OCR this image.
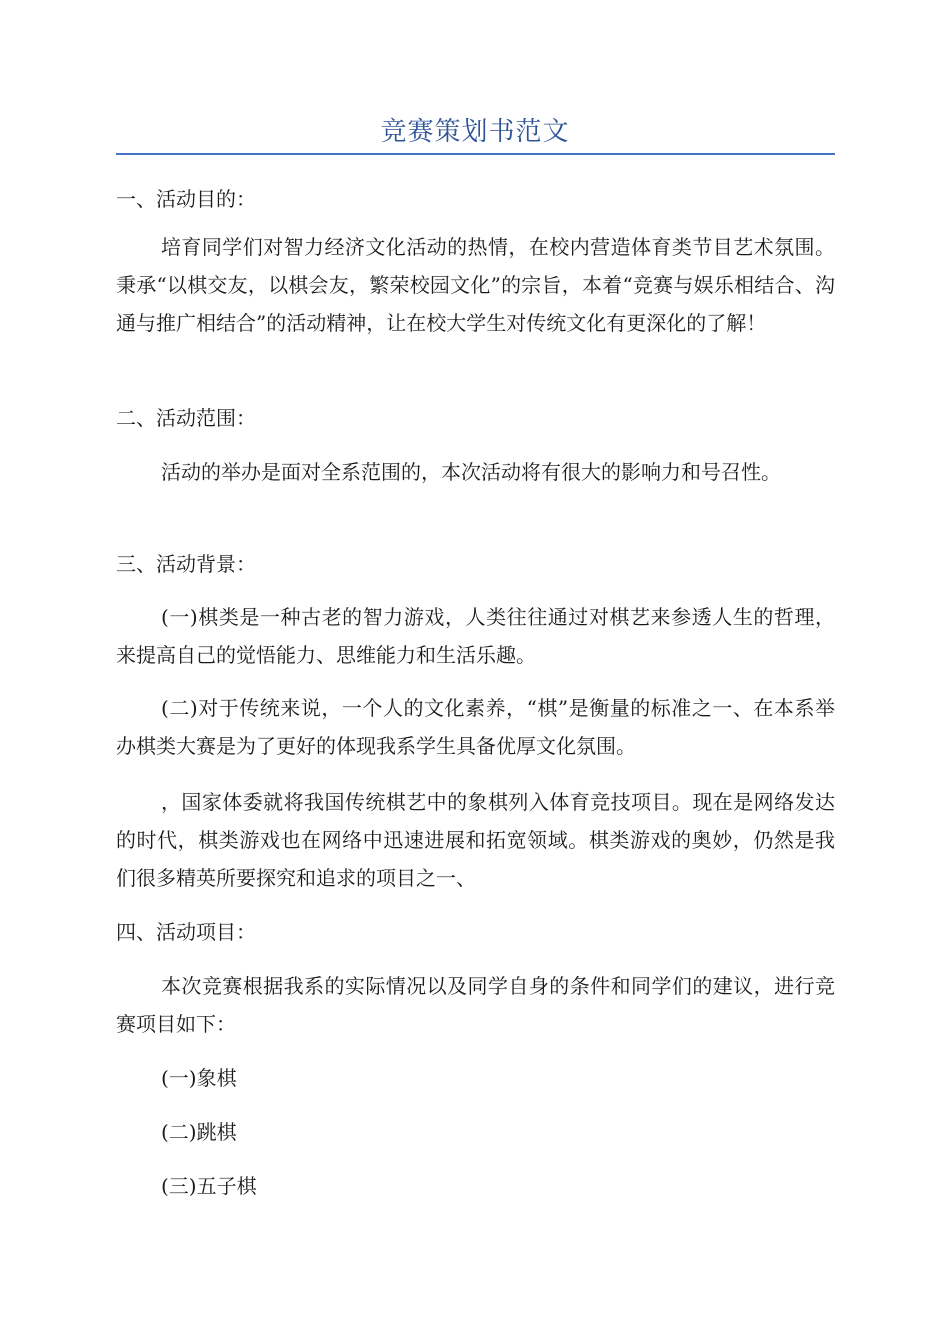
竞赛策划书范文

一、活动目的：

培育同学们对智力经济文化活动的热情，在校内营造体育类节目艺术氛围。秉承“以棋交友，以棋会友，繁荣校园文化”的宗旨，本着“竞赛与娱乐相结合、沟通与推广相结合”的活动精神，让在校大学生对传统文化有更深化的了解！

二、活动范围：

活动的举办是面对全系范围的，本次活动将有很大的影响力和号召性。

三、活动背景：

(一)棋类是一种古老的智力游戏，人类往往通过对棋艺来参透人生的哲理，来提高自己的觉悟能力、思维能力和生活乐趣。

(二)对于传统来说，一个人的文化素养，“棋”是衡量的标准之一、在本系举办棋类大赛是为了更好的体现我系学生具备优厚文化氛围。

，国家体委就将我国传统棋艺中的象棋列入体育竞技项目。现在是网络发达的时代，棋类游戏也在网络中迅速进展和拓宽领域。棋类游戏的奥妙，仍然是我们很多精英所要探究和追求的项目之一、

四、活动项目：

本次竞赛根据我系的实际情况以及同学自身的条件和同学们的建议，进行竞赛项目如下：

(一)象棋

(二)跳棋

(三)五子棋
